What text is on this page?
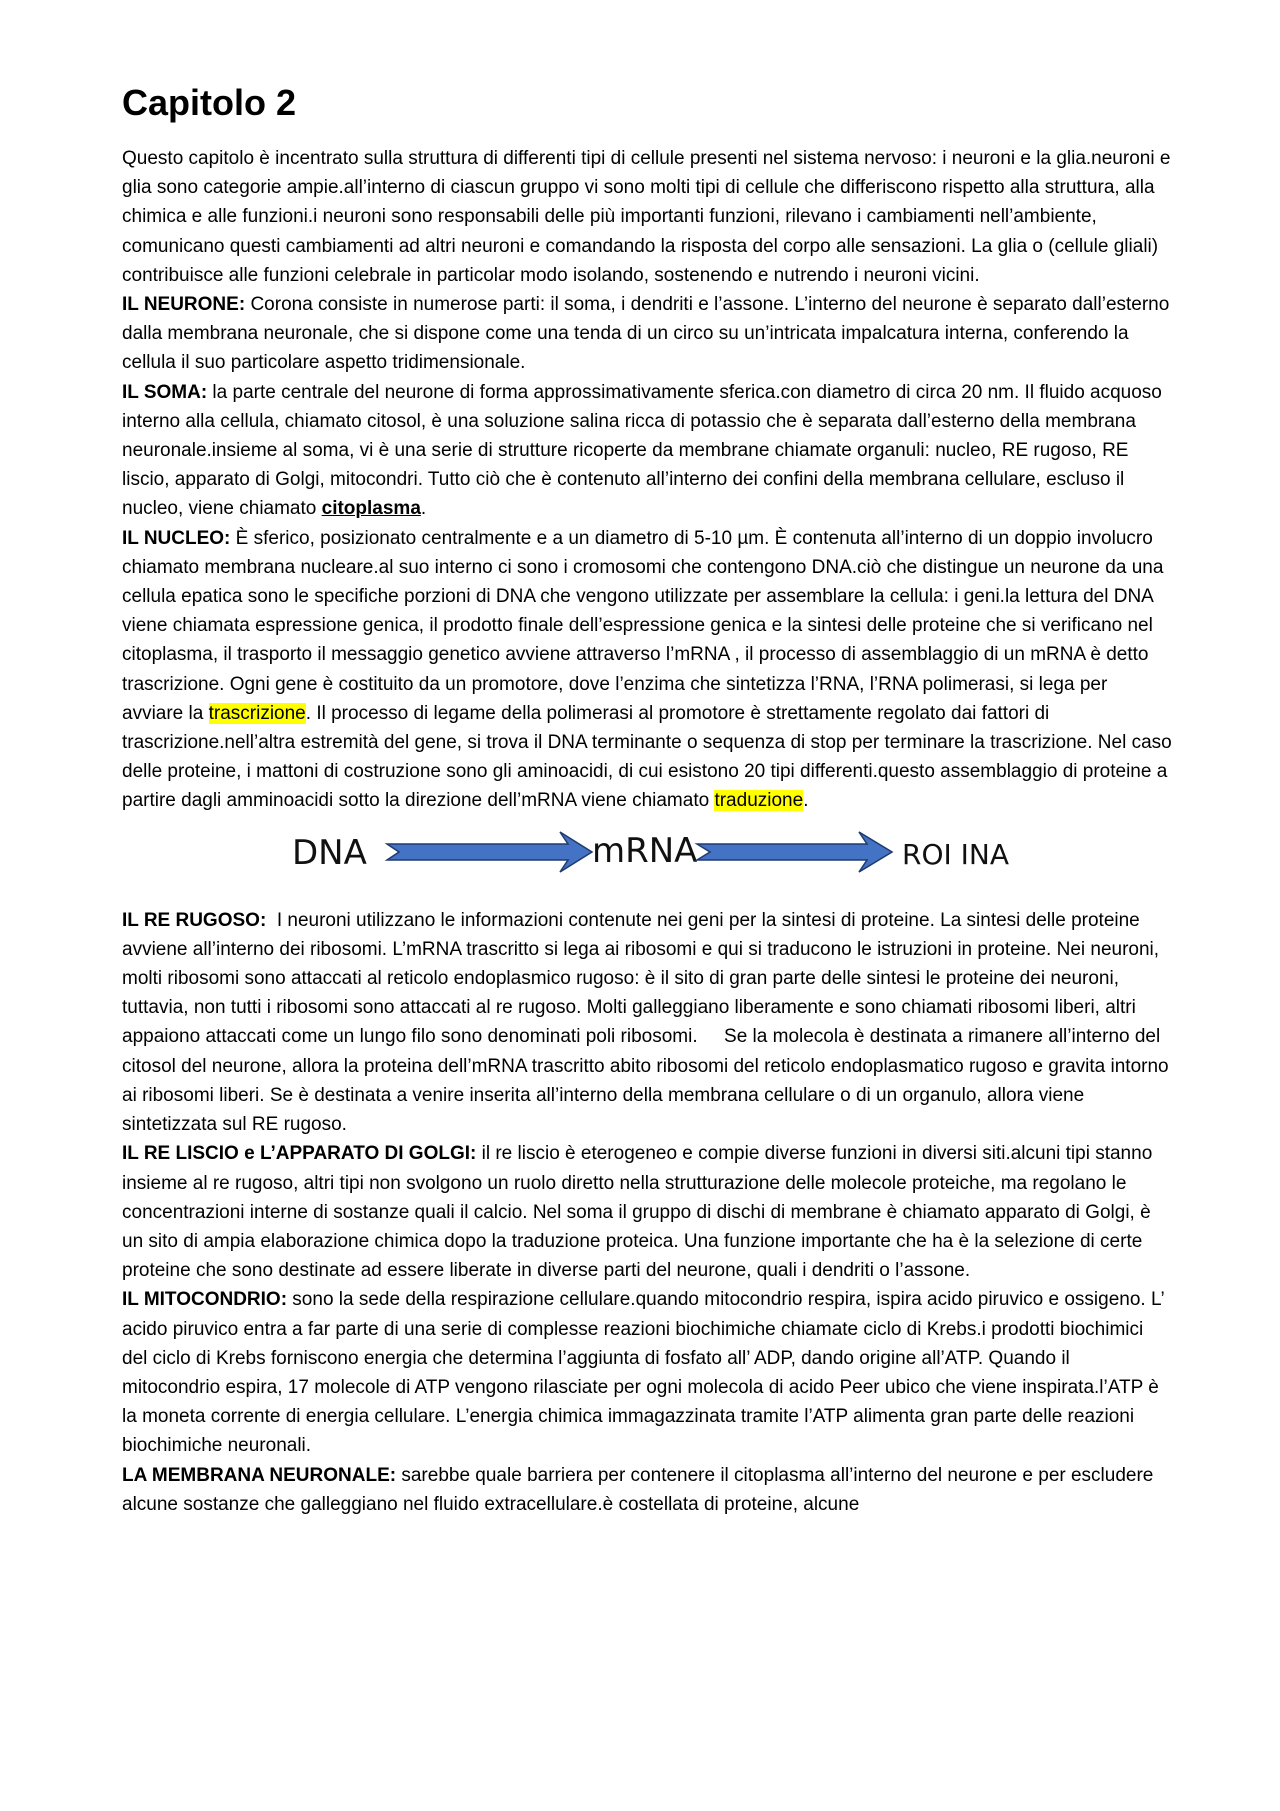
Capitolo 2

Questo capitolo è incentrato sulla struttura di differenti tipi di cellule presenti nel sistema nervoso: i neuroni e la glia.neuroni e glia sono categorie ampie.all’interno di ciascun gruppo vi sono molti tipi di cellule che differiscono rispetto alla struttura, alla chimica e alle funzioni.i neuroni sono responsabili delle più importanti funzioni, rilevano i cambiamenti nell’ambiente, comunicano questi cambiamenti ad altri neuroni e comandando la risposta del corpo alle sensazioni. La glia o (cellule gliali) contribuisce alle funzioni celebrale in particolar modo isolando, sostenendo e nutrendo i neuroni vicini.

IL NEURONE: Corona consiste in numerose parti: il soma, i dendriti e l’assone. L’interno del neurone è separato dall’esterno dalla membrana neuronale, che si dispone come una tenda di un circo su un’intricata impalcatura interna, conferendo la cellula il suo particolare aspetto tridimensionale.

IL SOMA: la parte centrale del neurone di forma approssimativamente sferica.con diametro di circa 20 nm. Il fluido acquoso interno alla cellula, chiamato citosol, è una soluzione salina ricca di potassio che è separata dall’esterno della membrana neuronale.insieme al soma, vi è una serie di strutture ricoperte da membrane chiamate organuli: nucleo, RE rugoso, RE liscio, apparato di Golgi, mitocondri. Tutto ciò che è contenuto all’interno dei confini della membrana cellulare, escluso il nucleo, viene chiamato citoplasma.

IL NUCLEO: È sferico, posizionato centralmente e a un diametro di 5-10 µm. È contenuta all’interno di un doppio involucro chiamato membrana nucleare.al suo interno ci sono i cromosomi che contengono DNA.ciò che distingue un neurone da una cellula epatica sono le specifiche porzioni di DNA che vengono utilizzate per assemblare la cellula: i geni.la lettura del DNA viene chiamata espressione genica, il prodotto finale dell’espressione genica e la sintesi delle proteine che si verificano nel citoplasma, il trasporto il messaggio genetico avviene attraverso l’mRNA , il processo di assemblaggio di un mRNA è detto trascrizione. Ogni gene è costituito da un promotore, dove l’enzima che sintetizza l’RNA, l’RNA polimerasi, si lega per avviare la trascrizione. Il processo di legame della polimerasi al promotore è strettamente regolato dai fattori di trascrizione.nell’altra estremità del gene, si trova il DNA terminante o sequenza di stop per terminare la trascrizione. Nel caso delle proteine, i mattoni di costruzione sono gli aminoacidi, di cui esistono 20 tipi differenti.questo assemblaggio di proteine a partire dagli amminoacidi sotto la direzione dell’mRNA viene chiamato traduzione.

DNA	mRNA	ROI INA

IL RE RUGOSO:  I neuroni utilizzano le informazioni contenute nei geni per la sintesi di proteine. La sintesi delle proteine avviene all’interno dei ribosomi. L’mRNA trascritto si lega ai ribosomi e qui si traducono le istruzioni in proteine. Nei neuroni, molti ribosomi sono attaccati al reticolo endoplasmico rugoso: è il sito di gran parte delle sintesi le proteine dei neuroni, tuttavia, non tutti i ribosomi sono attaccati al re rugoso. Molti galleggiano liberamente e sono chiamati ribosomi liberi, altri appaiono attaccati come un lungo filo sono denominati poli ribosomi.     Se la molecola è destinata a rimanere all’interno del citosol del neurone, allora la proteina dell’mRNA trascritto abito ribosomi del reticolo endoplasmatico rugoso e gravita intorno ai ribosomi liberi. Se è destinata a venire inserita all’interno della membrana cellulare o di un organulo, allora viene sintetizzata sul RE rugoso.

IL RE LISCIO e L’APPARATO DI GOLGI: il re liscio è eterogeneo e compie diverse funzioni in diversi siti.alcuni tipi stanno insieme al re rugoso, altri tipi non svolgono un ruolo diretto nella strutturazione delle molecole proteiche, ma regolano le concentrazioni interne di sostanze quali il calcio. Nel soma il gruppo di dischi di membrane è chiamato apparato di Golgi, è un sito di ampia elaborazione chimica dopo la traduzione proteica. Una funzione importante che ha è la selezione di certe proteine che sono destinate ad essere liberate in diverse parti del neurone, quali i dendriti o l’assone.

IL MITOCONDRIO: sono la sede della respirazione cellulare.quando mitocondrio respira, ispira acido piruvico e ossigeno. L’ acido piruvico entra a far parte di una serie di complesse reazioni biochimiche chiamate ciclo di Krebs.i prodotti biochimici del ciclo di Krebs forniscono energia che determina l’aggiunta di fosfato all’ ADP, dando origine all’ATP. Quando il mitocondrio espira, 17 molecole di ATP vengono rilasciate per ogni molecola di acido Peer ubico che viene inspirata.l’ATP è la moneta corrente di energia cellulare. L’energia chimica immagazzinata tramite l’ATP alimenta gran parte delle reazioni biochimiche neuronali.

LA MEMBRANA NEURONALE: sarebbe quale barriera per contenere il citoplasma all’interno del neurone e per escludere alcune sostanze che galleggiano nel fluido extracellulare.è costellata di proteine, alcune
